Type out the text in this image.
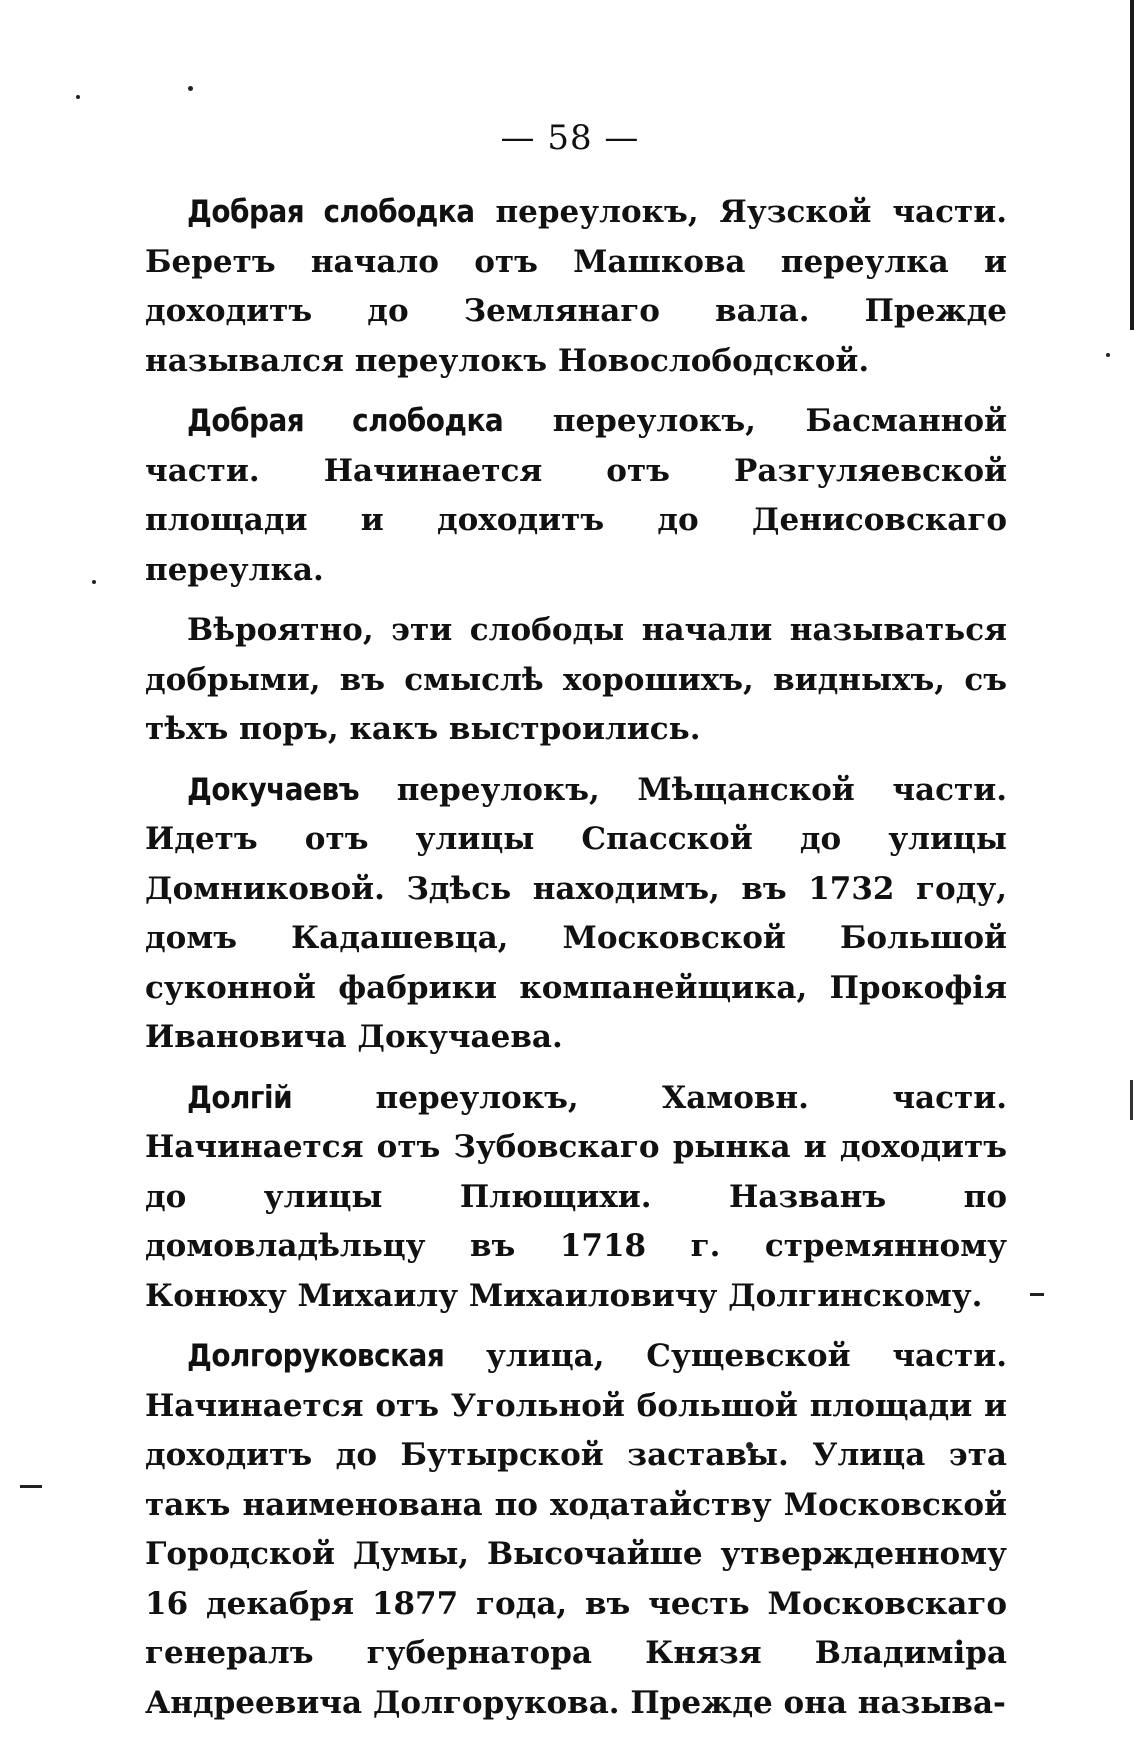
— 58 —

Добрая слободка переулокъ, Яузской части. Беретъ начало отъ Машкова переулка и доходитъ до Землянаго вала. Прежде назывался переулокъ Новослободской.

Добрая слободка переулокъ, Басманной части. Начинается отъ Разгуляевской площади и доходитъ до Денисовскаго переулка.

Вѣроятно, эти слободы начали называться добрыми, въ смыслѣ хорошихъ, видныхъ, съ тѣхъ поръ, какъ выстроились.

Докучаевъ переулокъ, Мѣщанской части. Идетъ отъ улицы Спасской до улицы Домниковой. Здѣсь находимъ, въ 1732 году, домъ Кадашевца, Московской Большой суконной фабрики компанейщика, Прокофія Ивановича Докучаева.

Долгій переулокъ, Хамовн. части. Начинается отъ Зубовскаго рынка и доходитъ до улицы Плющихи. Названъ по домовладѣльцу въ 1718 г. стремянному Конюху Михаилу Михаиловичу Долгинскому.

Долгоруковская улица, Сущевской части. Начинается отъ Угольной большой площади и доходитъ до Бутырской заставы. Улица эта такъ наименована по ходатайству Московской Городской Думы, Высочайше утвержденному 16 декабря 1877 года, въ честь Московскаго генералъ губернатора Князя Владиміра Андреевича Долгорукова. Прежде она называ-
